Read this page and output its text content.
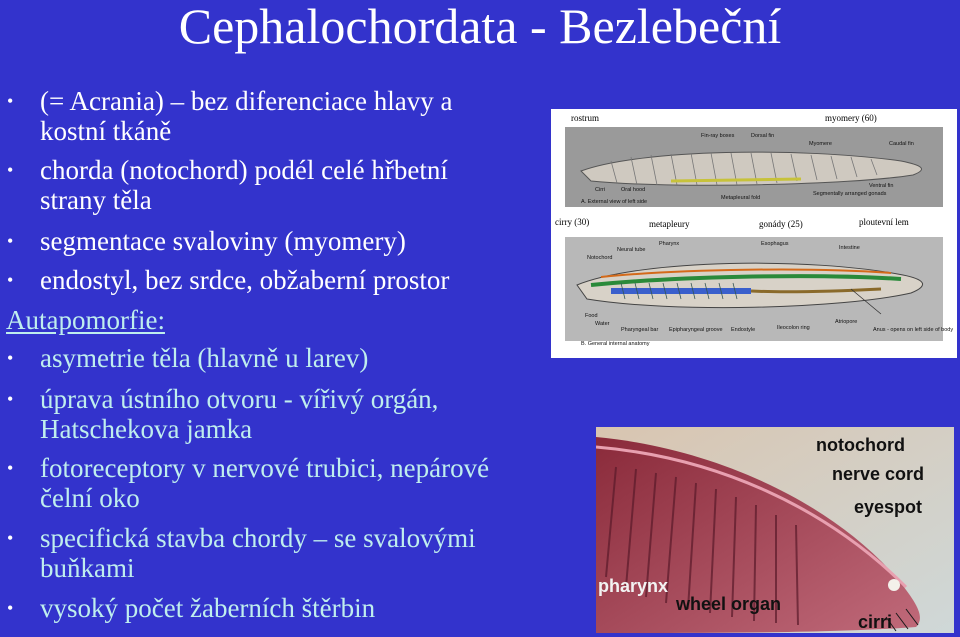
Cephalochordata - Bezlebeční
• (= Acrania) – bez diferenciace hlavy a
kostní tkáně
• chorda (notochord) podél celé hřbetní
strany těla
• segmentace svaloviny (myomery)
• endostyl, bez srdce, obžaberní prostor
Autapomorfie:
• asymetrie těla (hlavně u larev)
• úprava ústního otvoru - vířivý orgán,
Hatschekova jamka
• fotoreceptory v nervové trubici, nepárové
čelní oko
• specifická stavba chordy – se svalovými
buňkami
• vysoký počet žaberních štěrbin
rostrum	myomery (60)
cirry (30)	metapleury	gonády (25)	ploutevní lem
Fin-ray boxes	Dorsal fin
Myomere	Caudal fin
Ventral fin
Segmentally arranged gonads
Metapleural fold
Cirri	Oral hood
A. External view of left side
Notochord
Neural tube
Pharynx	Esophagus
Intestine
Food
Water
Pharyngeal bar Epipharyngeal groove Endostyle	Ileocolon ring
Atriopore
Anus - opens on left side of body
B. General internal anatomy
notochord
nerve cord
eyespot
pharynx
wheel organ
cirri
